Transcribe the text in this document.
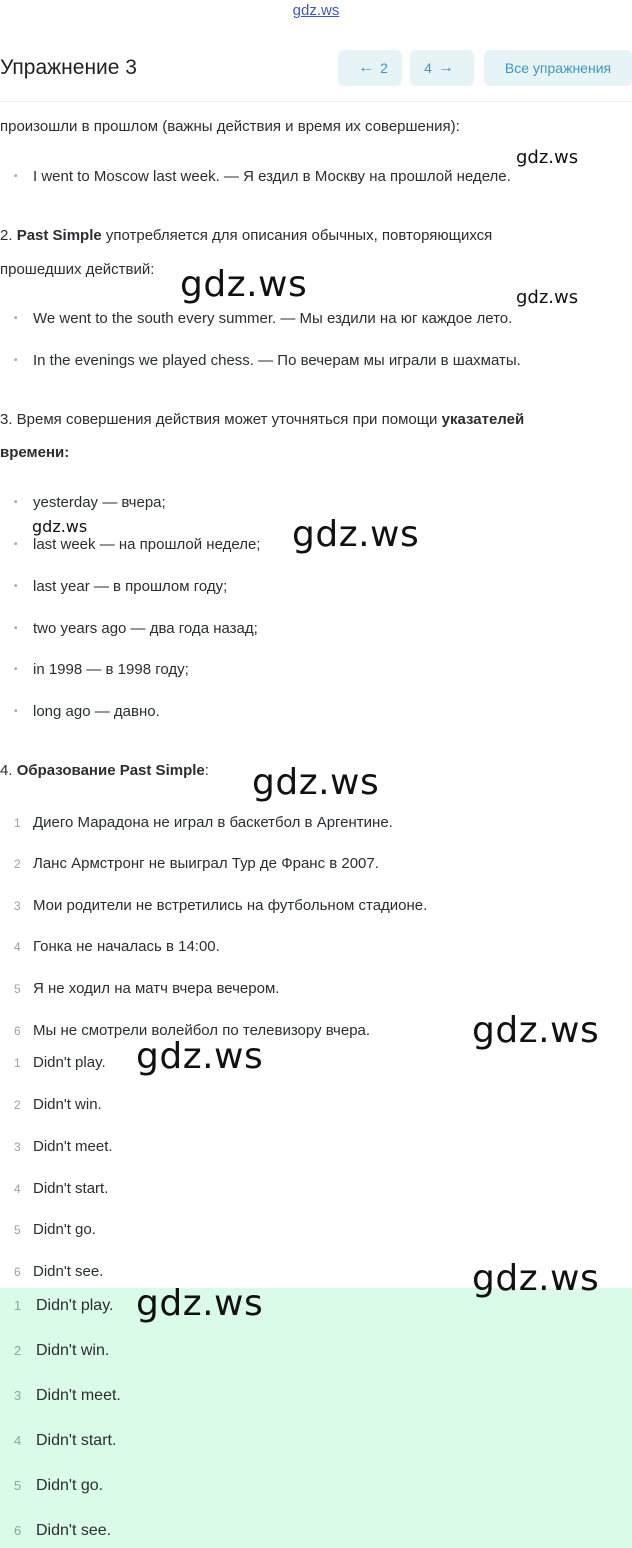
gdz.ws
Упражнение 3	← 2	4 →	Все упражнения
произошли в прошлом (важны действия и время их совершения):
• I went to Moscow last week. — Я ездил в Москву на прошлой неделе.
2. Past Simple употребляется для описания обычных, повторяющихся
прошедших действий:
• We went to the south every summer. — Мы ездили на юг каждое лето.
• In the evenings we played chess. — По вечерам мы играли в шахматы.
3. Время совершения действия может уточняться при помощи указателей
времени:
• yesterday — вчера;
• last week — на прошлой неделе;
• last year — в прошлом году;
• two years ago — два года назад;
• in 1998 — в 1998 году;
• long ago — давно.
4. Образование Past Simple:
1 Диего Марадона не играл в баскетбол в Аргентине.
2 Ланс Армстронг не выиграл Тур де Франс в 2007.
3 Мои родители не встретились на футбольном стадионе.
4 Гонка не началась в 14:00.
5 Я не ходил на матч вчера вечером.
6 Мы не смотрели волейбол по телевизору вчера.
1 Didn't play.
2 Didn't win.
3 Didn't meet.
4 Didn't start.
5 Didn't go.
6 Didn't see.
1 Didn't play.
2 Didn't win.
3 Didn't meet.
4 Didn't start.
5 Didn't go.
6 Didn't see.
gdz.ws
gdz.ws	gdz.ws
gdz.ws	gdz.ws
gdz.ws
gdz.ws
gdz.ws
gdz.ws
gdz.ws
